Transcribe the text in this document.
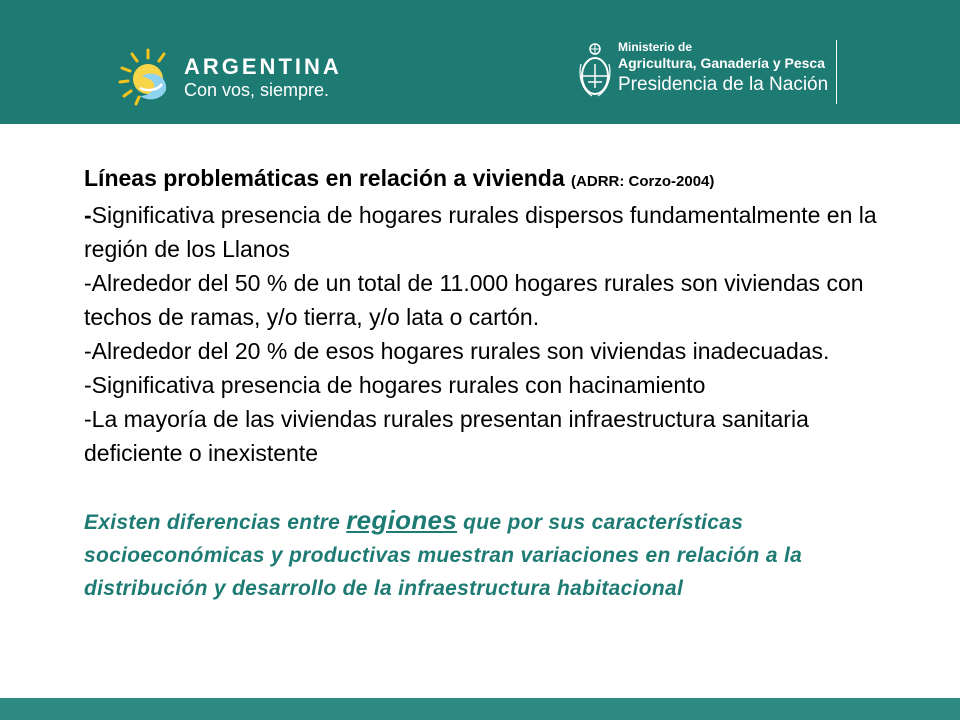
ARGENTINA
Con vos, siempre.
Ministerio de
Agricultura, Ganadería y Pesca
Presidencia de la Nación
Líneas problemáticas en relación a vivienda (ADRR: Corzo-2004)

-Significativa presencia de hogares rurales dispersos fundamentalmente en la región de los Llanos

-Alrededor del 50 % de un total de 11.000 hogares rurales son viviendas con techos de ramas, y/o tierra, y/o lata o cartón.

-Alrededor del 20 % de esos hogares rurales son viviendas inadecuadas.

-Significativa presencia de hogares rurales con hacinamiento

-La mayoría de las viviendas rurales presentan infraestructura sanitaria deficiente o inexistente

Existen diferencias entre regiones que por sus características socioeconómicas y productivas muestran variaciones en relación a la distribución y desarrollo de la infraestructura habitacional
